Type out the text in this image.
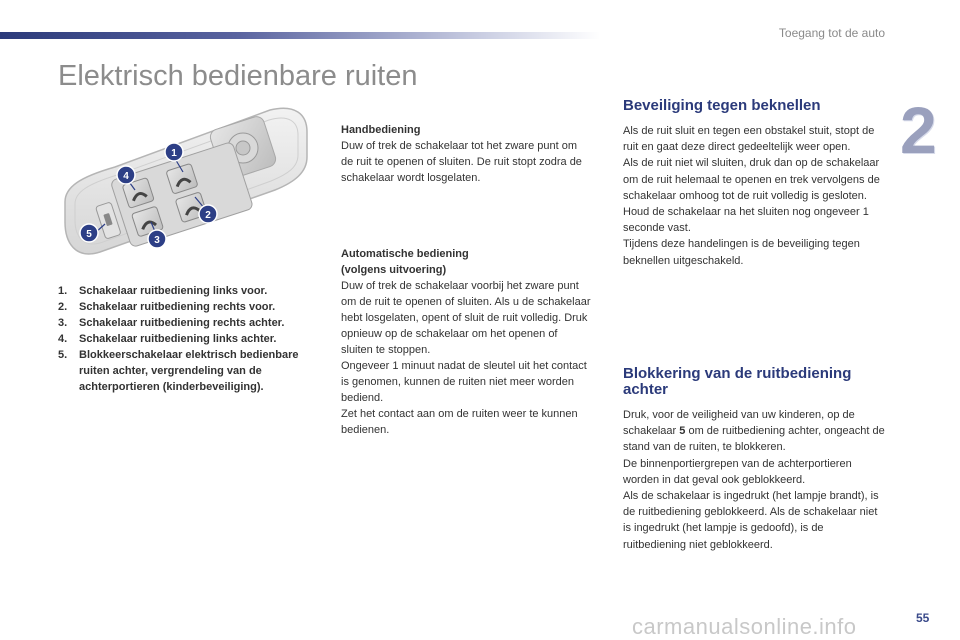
Toegang tot de auto
2
Elektrisch bedienbare ruiten
1
2
3
4
5
1.	Schakelaar ruitbediening links voor.
2.	Schakelaar ruitbediening rechts voor.
3.	Schakelaar ruitbediening rechts achter.
4.	Schakelaar ruitbediening links achter.
5.	Blokkeerschakelaar elektrisch bedienbare ruiten achter, vergrendeling van de achterportieren (kinderbeveiliging).
Handbediening

Duw of trek de schakelaar tot het zware punt om de ruit te openen of sluiten. De ruit stopt zodra de schakelaar wordt losgelaten.

Automatische bediening
(volgens uitvoering)

Duw of trek de schakelaar voorbij het zware punt om de ruit te openen of sluiten. Als u de schakelaar hebt losgelaten, opent of sluit de ruit volledig. Druk opnieuw op de schakelaar om het openen of sluiten te stoppen.

Ongeveer 1 minuut nadat de sleutel uit het contact is genomen, kunnen de ruiten niet meer worden bediend.

Zet het contact aan om de ruiten weer te kunnen bedienen.

Beveiliging tegen beknellen

Als de ruit sluit en tegen een obstakel stuit, stopt de ruit en gaat deze direct gedeeltelijk weer open.

Als de ruit niet wil sluiten, druk dan op de schakelaar om de ruit helemaal te openen en trek vervolgens de schakelaar omhoog tot de ruit volledig is gesloten. Houd de schakelaar na het sluiten nog ongeveer 1 seconde vast.

Tijdens deze handelingen is de beveiliging tegen beknellen uitgeschakeld.

Blokkering van de ruitbediening achter

Druk, voor de veiligheid van uw kinderen, op de schakelaar 5 om de ruitbediening achter, ongeacht de stand van de ruiten, te blokkeren.

De binnenportiergrepen van de achterportieren worden in dat geval ook geblokkeerd.

Als de schakelaar is ingedrukt (het lampje brandt), is de ruitbediening geblokkeerd. Als de schakelaar niet is ingedrukt (het lampje is gedoofd), is de ruitbediening niet geblokkeerd.

carmanualsonline.info	55
